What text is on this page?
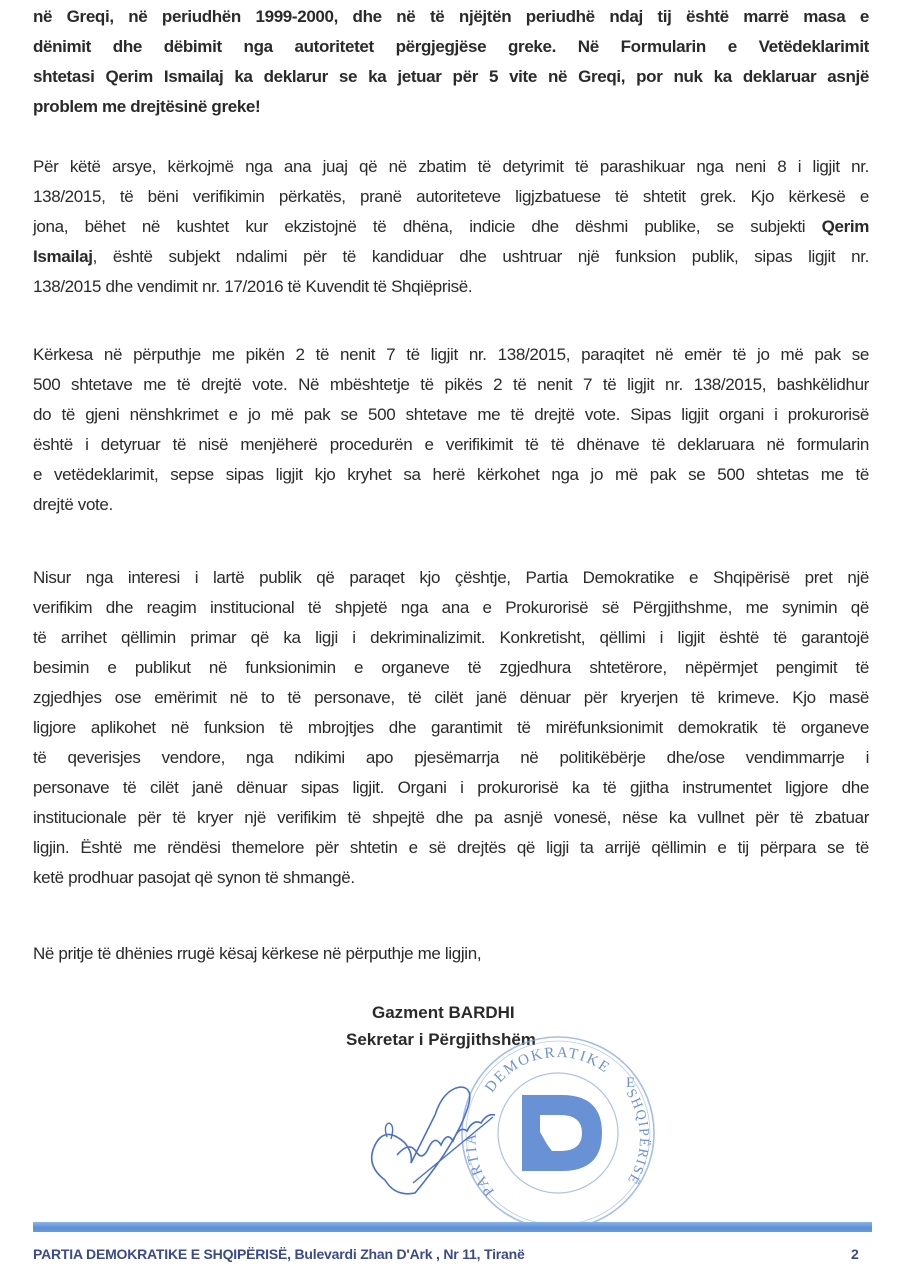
në Greqi, në periudhën 1999-2000, dhe në të njëjtën periudhë ndaj tij është marrë masa e
dënimit dhe dëbimit nga autoritetet përgjegjëse greke. Në Formularin e Vetëdeklarimit
shtetasi Qerim Ismailaj ka deklarur se ka jetuar për 5 vite në Greqi, por nuk ka deklaruar asnjë
problem me drejtësinë greke!
Për këtë arsye, kërkojmë nga ana juaj që në zbatim të detyrimit të parashikuar nga neni 8 i ligjit nr.
138/2015, të bëni verifikimin përkatës, pranë autoriteteve ligjzbatuese të shtetit grek. Kjo kërkesë e
jona, bëhet në kushtet kur ekzistojnë të dhëna, indicie dhe dëshmi publike, se subjekti Qerim
Ismailaj, është subjekt ndalimi për të kandiduar dhe ushtruar një funksion publik, sipas ligjit nr.
138/2015 dhe vendimit nr. 17/2016 të Kuvendit të Shqiëprisë.
Kërkesa në përputhje me pikën 2 të nenit 7 të ligjit nr. 138/2015, paraqitet në emër të jo më pak se
500 shtetave me të drejtë vote. Në mbështetje të pikës 2 të nenit 7 të ligjit nr. 138/2015, bashkëlidhur
do të gjeni nënshkrimet e jo më pak se 500 shtetave me të drejtë vote. Sipas ligjit organi i prokurorisë
është i detyruar të nisë menjëherë procedurën e verifikimit të të dhënave të deklaruara në formularin
e vetëdeklarimit, sepse sipas ligjit kjo kryhet sa herë kërkohet nga jo më pak se 500 shtetas me të
drejtë vote.
Nisur nga interesi i lartë publik që paraqet kjo çështje, Partia Demokratike e Shqipërisë pret një
verifikim dhe reagim institucional të shpjetë nga ana e Prokurorisë së Përgjithshme, me synimin që
të arrihet qëllimin primar që ka ligji i dekriminalizimit. Konkretisht, qëllimi i ligjit është të garantojë
besimin e publikut në funksionimin e organeve të zgjedhura shtetërore, nëpërmjet pengimit të
zgjedhjes ose emërimit në to të personave, të cilët janë dënuar për kryerjen të krimeve. Kjo masë
ligjore aplikohet në funksion të mbrojtjes dhe garantimit të mirëfunksionimit demokratik të organeve
të qeverisjes vendore, nga ndikimi apo pjesëmarrja në politikëbërje dhe/ose vendimmarrje i
personave të cilët janë dënuar sipas ligjit. Organi i prokurorisë ka të gjitha instrumentet ligjore dhe
institucionale për të kryer një verifikim të shpejtë dhe pa asnjë vonesë, nëse ka vullnet për të zbatuar
ligjin. Është me rëndësi themelore për shtetin e së drejtës që ligji ta arrijë qëllimin e tij përpara se të
ketë prodhuar pasojat që synon të shmangë.
Në pritje të dhënies rrugë kësaj kërkese në përputhje me ligjin,
Gazment BARDHI
Sekretar i Përgjithshëm
DEMOKRATIKE
PARTIA
E
SHQIPËRISË
PARTIA DEMOKRATIKE E SHQIPËRISË, Bulevardi Zhan D'Ark , Nr 11, Tiranë	2
